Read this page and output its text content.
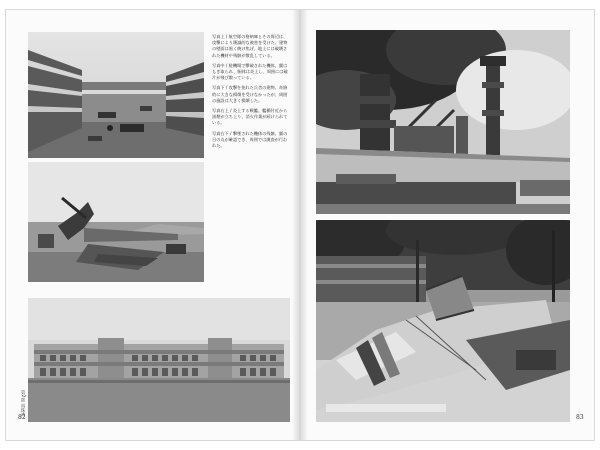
写真上 / 航空隊の格納庫とその周辺は、攻撃により壊滅的な被害を受けた。建物の壁面は黒く焼け焦げ、地上には破壊された機材や残骸が散乱している。

写真中 / 駐機場で撃破された機体。翼はもぎ取られ、胴体は炎上し、周囲には破片が飛び散っている。

写真下 / 攻撃を免れた兵舎の建物。奇跡的に大きな損傷を受けなかったが、周囲の施設は大きく損壊した。

写真右上 / 炎上する戦艦。艦橋付近から黒煙が立ち上り、消火作業が続けられている。

写真右下 / 撃墜された機体の残骸。翼の日の丸が確認でき、周囲では調査が行われた。

第2部 真珠湾
82	83
